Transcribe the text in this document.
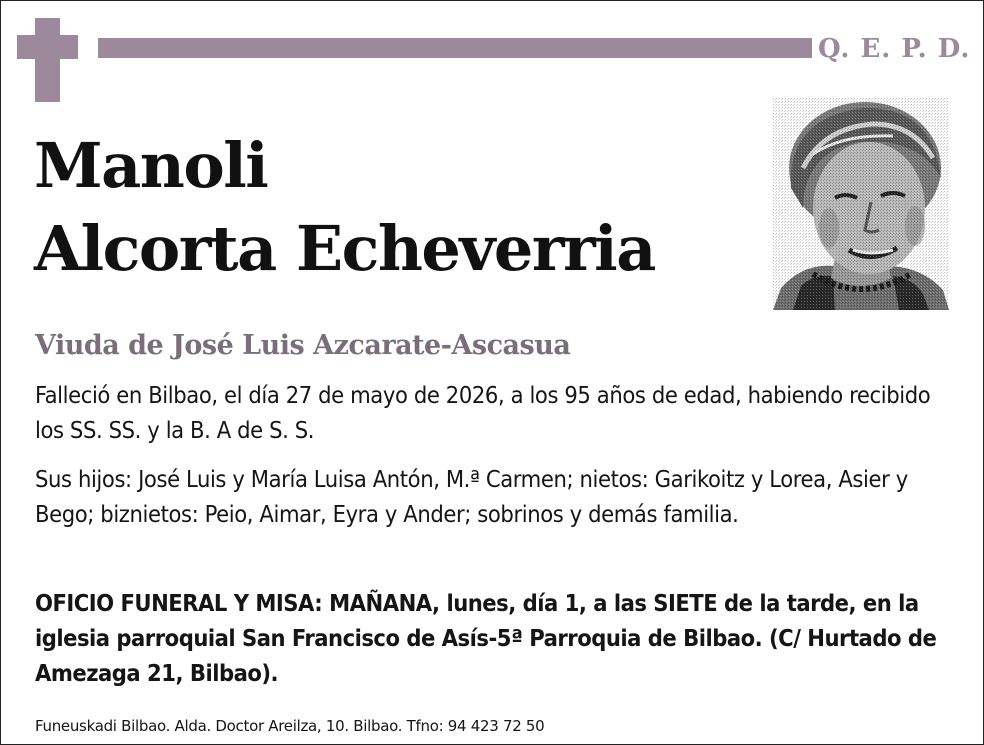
Q. E. P. D.
Manoli
Alcorta Echeverria
Viuda de José Luis Azcarate-Ascasua
Falleció en Bilbao, el día 27 de mayo de 2026, a los 95 años de edad, habiendo recibido los SS. SS. y la B. A de S. S.
Sus hijos: José Luis y María Luisa Antón, M.ª Carmen; nietos: Garikoitz y Lorea, Asier y Bego; biznietos: Peio, Aimar, Eyra y Ander; sobrinos y demás familia.
OFICIO FUNERAL Y MISA: MAÑANA, lunes, día 1, a las SIETE de la tarde, en la iglesia parroquial San Francisco de Asís-5ª Parroquia de Bilbao. (C/ Hurtado de Amezaga 21, Bilbao).
Funeuskadi Bilbao. Alda. Doctor Areilza, 10. Bilbao. Tfno: 94 423 72 50
